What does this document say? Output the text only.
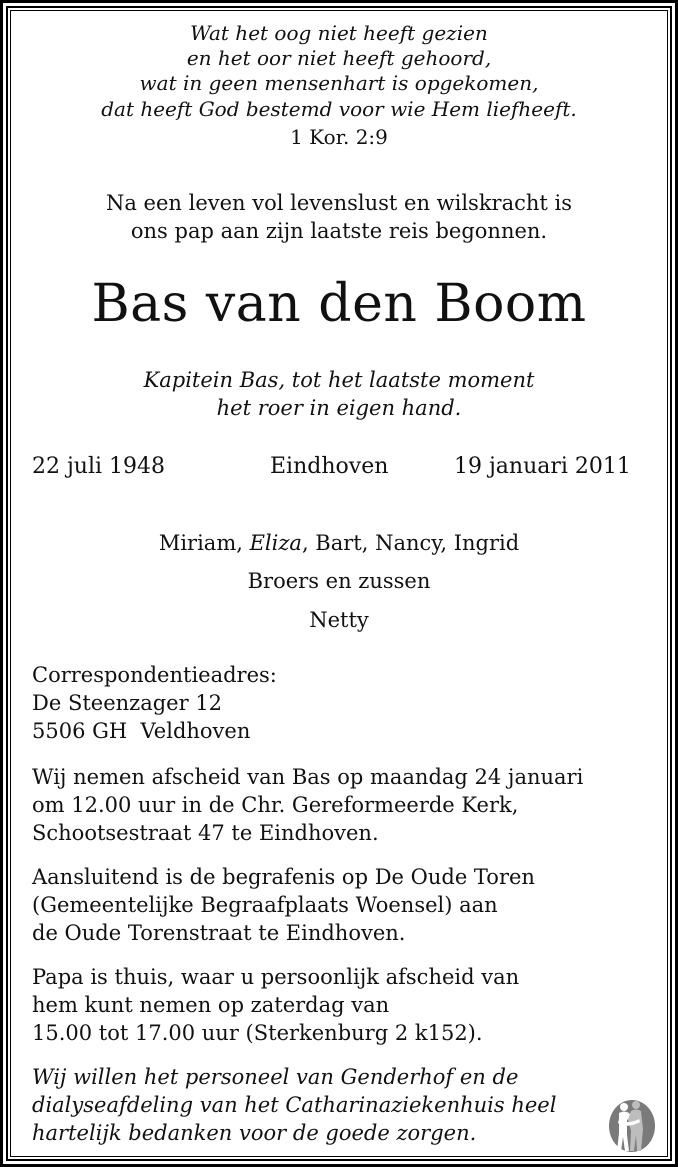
Wat het oog niet heeft gezien
en het oor niet heeft gehoord,
wat in geen mensenhart is opgekomen,
dat heeft God bestemd voor wie Hem liefheeft.
1 Kor. 2:9
Na een leven vol levenslust en wilskracht is
ons pap aan zijn laatste reis begonnen.
Bas van den Boom
Kapitein Bas, tot het laatste moment
het roer in eigen hand.
22 juli 1948	Eindhoven	19 januari 2011
Miriam, Eliza, Bart, Nancy, Ingrid
Broers en zussen
Netty
Correspondentieadres:
De Steenzager 12
5506 GH  Veldhoven
Wij nemen afscheid van Bas op maandag 24 januari
om 12.00 uur in de Chr. Gereformeerde Kerk,
Schootsestraat 47 te Eindhoven.
Aansluitend is de begrafenis op De Oude Toren
(Gemeentelijke Begraafplaats Woensel) aan
de Oude Torenstraat te Eindhoven.
Papa is thuis, waar u persoonlijk afscheid van
hem kunt nemen op zaterdag van
15.00 tot 17.00 uur (Sterkenburg 2 k152).
Wij willen het personeel van Genderhof en de
dialyseafdeling van het Catharinaziekenhuis heel
hartelijk bedanken voor de goede zorgen.
